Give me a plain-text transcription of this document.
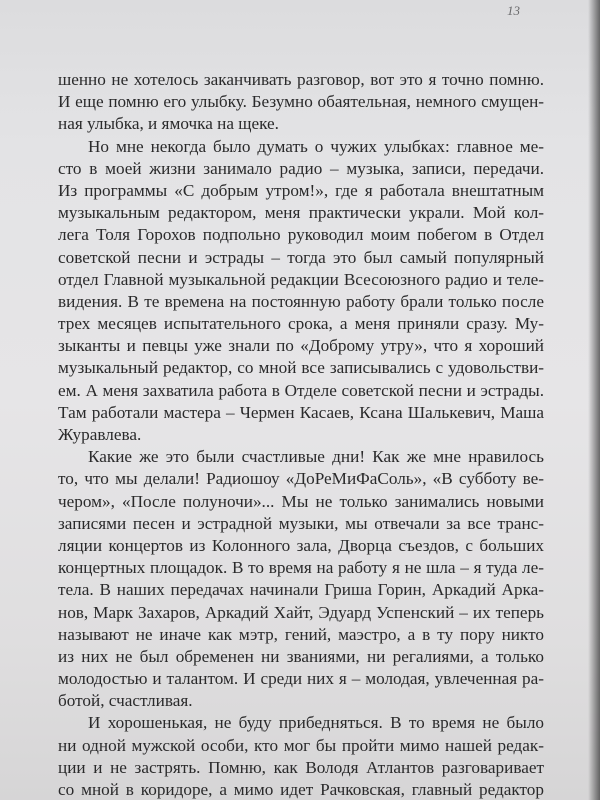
13
шенно не хотелось заканчивать разговор, вот это я точно помню.
И еще помню его улыбку. Безумно обаятельная, немного смущен-
ная улыбка, и ямочка на щеке.
Но мне некогда было думать о чужих улыбках: главное ме-
сто в моей жизни занимало радио – музыка, записи, передачи.
Из программы «С добрым утром!», где я работала внештатным
музыкальным редактором, меня практически украли. Мой кол-
лега Толя Горохов подпольно руководил моим побегом в Отдел
советской песни и эстрады – тогда это был самый популярный
отдел Главной музыкальной редакции Всесоюзного радио и теле-
видения. В те времена на постоянную работу брали только после
трех месяцев испытательного срока, а меня приняли сразу. Му-
зыканты и певцы уже знали по «Доброму утру», что я хороший
музыкальный редактор, со мной все записывались с удовольстви-
ем. А меня захватила работа в Отделе советской песни и эстрады.
Там работали мастера – Чермен Касаев, Ксана Шалькевич, Маша
Журавлева.
Какие же это были счастливые дни! Как же мне нравилось
то, что мы делали! Радиошоу «ДоРеМиФаСоль», «В субботу ве-
чером», «После полуночи»... Мы не только занимались новыми
записями песен и эстрадной музыки, мы отвечали за все транс-
ляции концертов из Колонного зала, Дворца съездов, с больших
концертных площадок. В то время на работу я не шла – я туда ле-
тела. В наших передачах начинали Гриша Горин, Аркадий Арка-
нов, Марк Захаров, Аркадий Хайт, Эдуард Успенский – их теперь
называют не иначе как мэтр, гений, маэстро, а в ту пору никто
из них не был обременен ни званиями, ни регалиями, а только
молодостью и талантом. И среди них я – молодая, увлеченная ра-
ботой, счастливая.
И хорошенькая, не буду прибедняться. В то время не было
ни одной мужской особи, кто мог бы пройти мимо нашей редак-
ции и не застрять. Помню, как Володя Атлантов разговаривает
со мной в коридоре, а мимо идет Рачковская, главный редактор
